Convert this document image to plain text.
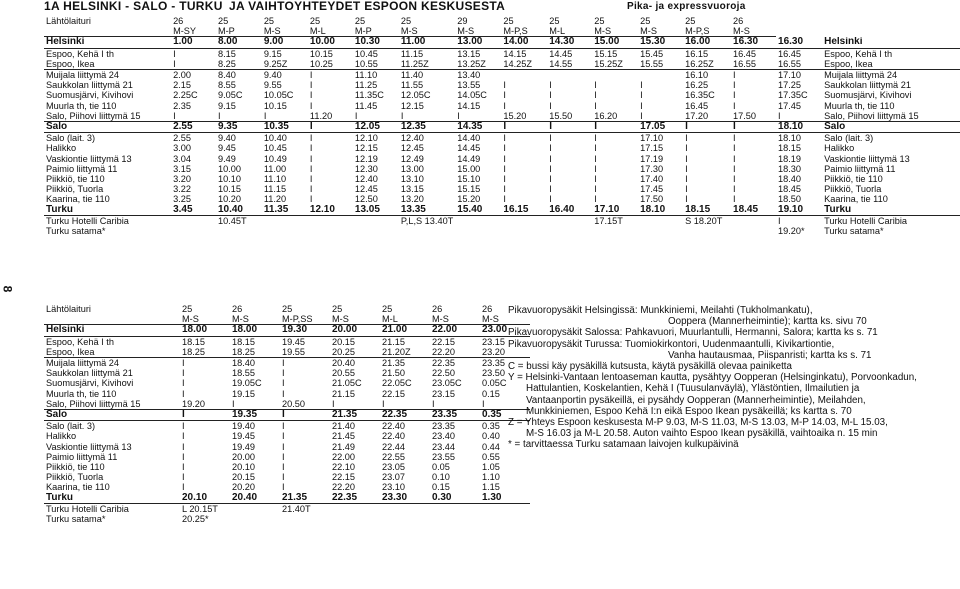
8
1A HELSINKI - SALO - TURKU JA VAIHTOYHTEYDET ESPOON KESKUSESTA	Pika- ja expressvuoroja
Lähtölaituri	26	25	25	25	25	25	29	25	25	25	25	25	26		
	M-SY	M-P	M-S	M-L	M-P	M-S	M-S	M-P,S	M-L	M-S	M-S	M-P,S	M-S		
Helsinki	1.00	8.00	9.00	10.00	10.30	11.00	13.00	14.00	14.30	15.00	15.30	16.00	16.30	16.30	Helsinki
Espoo, Kehä I th	I	8.15	9.15	10.15	10.45	11.15	13.15	14.15	14.45	15.15	15.45	16.15	16.45	16.45	Espoo, Kehä I th
Espoo, Ikea	I	8.25	9.25Z	10.25	10.55	11.25Z	13.25Z	14.25Z	14.55	15.25Z	15.55	16.25Z	16.55	16.55	Espoo, Ikea
Muijala liittymä 24	2.00	8.40	9.40	I	11.10	11.40	13.40					16.10	I	17.10	Muijala liittymä 24
Saukkolan liittymä 21	2.15	8.55	9.55	I	11.25	11.55	13.55	I	I	I	I	16.25	I	17.25	Saukkolan liittymä 21
Suomusjärvi, Kivihovi	2.25C	9.05C	10.05C	I	11.35C	12.05C	14.05C	I	I	I	I	16.35C	I	17.35C	Suomusjärvi, Kivihovi
Muurla th, tie 110	2.35	9.15	10.15	I	11.45	12.15	14.15	I	I	I	I	16.45	I	17.45	Muurla th, tie 110
Salo, Piihovi liittymä 15	I	I	I	11.20	I	I	I	15.20	15.50	16.20	I	17.20	17.50	I	Salo, Piihovi liittymä 15
Salo	2.55	9.35	10.35	I	12.05	12.35	14.35	I	I	I	17.05	I	I	18.10	Salo
Salo (lait. 3)	2.55	9.40	10.40	I	12.10	12.40	14.40	I	I	I	17.10	I	I	18.10	Salo (lait. 3)
Halikko	3.00	9.45	10.45	I	12.15	12.45	14.45	I	I	I	17.15	I	I	18.15	Halikko
Vaskiontie liittymä 13	3.04	9.49	10.49	I	12.19	12.49	14.49	I	I	I	17.19	I	I	18.19	Vaskiontie liittymä 13
Paimio liittymä 11	3.15	10.00	11.00	I	12.30	13.00	15.00	I	I	I	17.30	I	I	18.30	Paimio liittymä 11
Piikkiö, tie 110	3.20	10.10	11.10	I	12.40	13.10	15.10	I	I	I	17.40	I	I	18.40	Piikkiö, tie 110
Piikkiö, Tuorla	3.22	10.15	11.15	I	12.45	13.15	15.15	I	I	I	17.45	I	I	18.45	Piikkiö, Tuorla
Kaarina, tie 110	3.25	10.20	11.20	I	12.50	13.20	15.20	I	I	I	17.50	I	I	18.50	Kaarina, tie 110
Turku	3.45	10.40	11.35	12.10	13.05	13.35	15.40	16.15	16.40	17.10	18.10	18.15	18.45	19.10	Turku
Turku Hotelli Caribia		10.45T				P,L,S 13.40T				17.15T		S 18.20T		I	Turku Hotelli Caribia
Turku satama*														19.20*	Turku satama*
Lähtölaituri	25	26	25	25	25	26	26
	M-S	M-S	M-P,SS	M-S	M-L	M-S	M-S
Helsinki	18.00	18.00	19.30	20.00	21.00	22.00	23.00
Espoo, Kehä I th	18.15	18.15	19.45	20.15	21.15	22.15	23.15
Espoo, Ikea	18.25	18.25	19.55	20.25	21.20Z	22.20	23.20
Muijala liittymä 24	I	18.40	I	20.40	21.35	22.35	23.35
Saukkolan liittymä 21	I	18.55	I	20.55	21.50	22.50	23.50
Suomusjärvi, Kivihovi	I	19.05C	I	21.05C	22.05C	23.05C	0.05C
Muurla th, tie 110	I	19.15	I	21.15	22.15	23.15	0.15
Salo, Piihovi liittymä 15	19.20	I	20.50	I	I	I	I
Salo	I	19.35	I	21.35	22.35	23.35	0.35
Salo (lait. 3)	I	19.40	I	21.40	22.40	23.35	0.35
Halikko	I	19.45	I	21.45	22.40	23.40	0.40
Vaskiontie liittymä 13	I	19.49	I	21.49	22.44	23.44	0.44
Paimio liittymä 11	I	20.00	I	22.00	22.55	23.55	0.55
Piikkiö, tie 110	I	20.10	I	22.10	23.05	0.05	1.05
Piikkiö, Tuorla	I	20.15	I	22.15	23.07	0.10	1.10
Kaarina, tie 110	I	20.20	I	22.20	23.10	0.15	1.15
Turku	20.10	20.40	21.35	22.35	23.30	0.30	1.30
Turku Hotelli Caribia	L 20.15T		21.40T				
Turku satama*	20.25*						

Pikavuoropysäkit Helsingissä: Munkkiniemi, Meilahti (Tukholmankatu),

Oopperа (Mannerheimintie); kartta ks. sivu 70

Pikavuoropysäkit Salossa: Pahkavuori, Muurlantulli, Hermanni, Salora; kartta ks s. 71

Pikavuoropysäkit Turussa: Tuomiokirkontori, Uudenmaantulli, Kivikartiontie,

Vanha hautausmaa, Piispanristi; kartta ks s. 71

C = bussi käy pysäkillä kutsusta, käytä pysäkillä olevaa painiketta

Y = Helsinki-Vantaan lentoaseman kautta, pysähtyy Oopperan (Helsinginkatu), Porvoonkadun,

Hattulantien, Koskelantien, Kehä I (Tuusulanväylä), Ylästöntien, Ilmailutien ja

Vantaanportin pysäkeillä, ei pysähdy Oopperan (Mannerheimintie), Meilahden,

Munkkiniemen, Espoo Kehä I:n eikä Espoo Ikean pysäkeillä; ks kartta s. 70

Z = Yhteys Espoon keskusesta M-P 9.03, M-S 11.03, M-S 13.03, M-P 14.03, M-L 15.03,

M-S 16.03 ja M-L 20.58. Auton vaihto Espoo Ikean pysäkillä, vaihtoaika n. 15 min

* = tarvittaessa Turku satamaan laivojen kulkupäivinä
